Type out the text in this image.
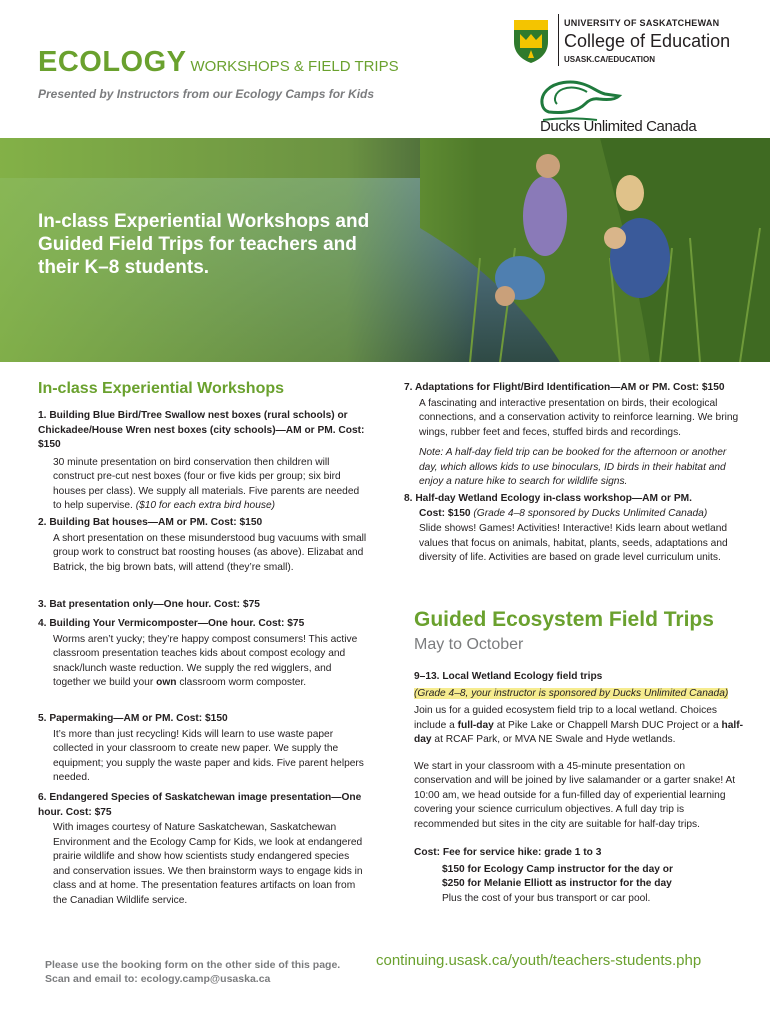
ECOLOGY WORKSHOPS & FIELD TRIPS
Presented by Instructors from our Ecology Camps for Kids
UNIVERSITY OF SASKATCHEWAN
College of Education
USASK.CA/EDUCATION
Ducks Unlimited Canada
In-class Experiential Workshops and Guided Field Trips for teachers and their K–8 students.
In-class Experiential Workshops
1. Building Blue Bird/Tree Swallow nest boxes (rural schools) or Chickadee/House Wren nest boxes (city schools)—AM or PM. Cost: $150
30 minute presentation on bird conservation then children will construct pre-cut nest boxes (four or five kids per group; six bird houses per class). We supply all materials. Five parents are needed to help supervise. ($10 for each extra bird house)
2. Building Bat houses—AM or PM. Cost: $150
A short presentation on these misunderstood bug vacuums with small group work to construct bat roosting houses (as above). Elizabat and Batrick, the big brown bats, will attend (they’re small).
3. Bat presentation only—One hour. Cost: $75
4. Building Your Vermicomposter—One hour. Cost: $75
Worms aren’t yucky; they’re happy compost consumers! This active classroom presentation teaches kids about compost ecology and snack/lunch waste reduction. We supply the red wigglers, and together we build your own classroom worm composter.
5. Papermaking—AM or PM. Cost: $150
It’s more than just recycling! Kids will learn to use waste paper collected in your classroom to create new paper. We supply the equipment; you supply the waste paper and kids. Five parent helpers needed.
6. Endangered Species of Saskatchewan image presentation—One hour. Cost: $75
With images courtesy of Nature Saskatchewan, Saskatchewan Environment and the Ecology Camp for Kids, we look at endangered prairie wildlife and show how scientists study endangered species and conservation issues. We then brainstorm ways to engage kids in class and at home. The presentation features artifacts on loan from the Canadian Wildlife service.
7. Adaptations for Flight/Bird Identification—AM or PM. Cost: $150
A fascinating and interactive presentation on birds, their ecological connections, and a conservation activity to reinforce learning. We bring wings, rubber feet and feces, stuffed birds and recordings.
Note: A half-day field trip can be booked for the afternoon or another day, which allows kids to use binoculars, ID birds in their habitat and enjoy a nature hike to search for wildlife signs.
8. Half-day Wetland Ecology in-class workshop—AM or PM.
Cost: $150 (Grade 4–8 sponsored by Ducks Unlimited Canada)
Slide shows! Games! Activities! Interactive! Kids learn about wetland values that focus on animals, habitat, plants, seeds, adaptations and diversity of life. Activities are based on grade level curriculum units.
Guided Ecosystem Field Trips
May to October
9–13. Local Wetland Ecology field trips
(Grade 4–8, your instructor is sponsored by Ducks Unlimited Canada)
Join us for a guided ecosystem field trip to a local wetland. Choices include a full-day at Pike Lake or Chappell Marsh DUC Project or a half-day at RCAF Park, or MVA NE Swale and Hyde wetlands.
We start in your classroom with a 45-minute presentation on conservation and will be joined by live salamander or a garter snake! At 10:00 am, we head outside for a fun-filled day of experiential learning covering your science curriculum objectives. A full day trip is recommended but sites in the city are suitable for half-day trips.
Cost: Fee for service hike: grade 1 to 3
$150 for Ecology Camp instructor for the day or
$250 for Melanie Elliott as instructor for the day
Plus the cost of your bus transport or car pool.
Please use the booking form on the other side of this page. Scan and email to: ecology.camp@usaska.ca
continuing.usask.ca/youth/teachers-students.php
